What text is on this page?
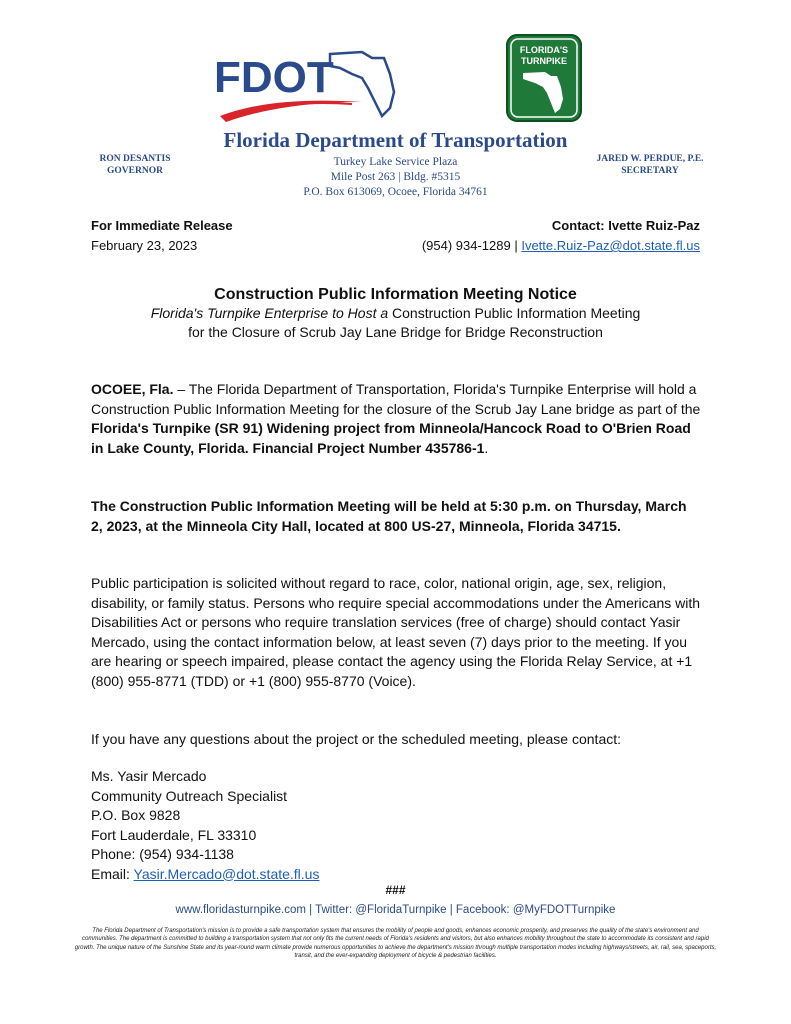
FDOT
FLORIDA'S
TURNPIKE
Florida Department of Transportation
Turkey Lake Service Plaza
Mile Post 263 | Bldg. #5315
P.O. Box 613069, Ocoee, Florida 34761
RON DESANTIS
GOVERNOR
JARED W. PERDUE, P.E.
SECRETARY
For Immediate Release
February 23, 2023
Contact: Ivette Ruiz-Paz
(954) 934-1289 | Ivette.Ruiz-Paz@dot.state.fl.us
Construction Public Information Meeting Notice
Florida's Turnpike Enterprise to Host a Construction Public Information Meeting
for the Closure of Scrub Jay Lane Bridge for Bridge Reconstruction
OCOEE, Fla. – The Florida Department of Transportation, Florida's Turnpike Enterprise will hold a Construction Public Information Meeting for the closure of the Scrub Jay Lane bridge as part of the Florida's Turnpike (SR 91) Widening project from Minneola/Hancock Road to O'Brien Road in Lake County, Florida. Financial Project Number 435786-1.
The Construction Public Information Meeting will be held at 5:30 p.m. on Thursday, March 2, 2023, at the Minneola City Hall, located at 800 US-27, Minneola, Florida 34715.
Public participation is solicited without regard to race, color, national origin, age, sex, religion, disability, or family status. Persons who require special accommodations under the Americans with Disabilities Act or persons who require translation services (free of charge) should contact Yasir Mercado, using the contact information below, at least seven (7) days prior to the meeting. If you are hearing or speech impaired, please contact the agency using the Florida Relay Service, at +1 (800) 955-8771 (TDD) or +1 (800) 955-8770 (Voice).
If you have any questions about the project or the scheduled meeting, please contact:
Ms. Yasir Mercado
Community Outreach Specialist
P.O. Box 9828
Fort Lauderdale, FL 33310
Phone: (954) 934-1138
Email: Yasir.Mercado@dot.state.fl.us
###
www.floridasturnpike.com | Twitter: @FloridaTurnpike | Facebook: @MyFDOTTurnpike
The Florida Department of Transportation's mission is to provide a safe transportation system that ensures the mobility of people and goods, enhances economic prosperity, and preserves the quality of the state's environment and communities. The department is committed to building a transportation system that not only fits the current needs of Florida's residents and visitors, but also enhances mobility throughout the state to accommodate its consistent and rapid growth. The unique nature of the Sunshine State and its year-round warm climate provide numerous opportunities to achieve the department's mission through multiple transportation modes including highways/streets, air, rail, sea, spaceports, transit, and the ever-expanding deployment of bicycle & pedestrian facilities.
